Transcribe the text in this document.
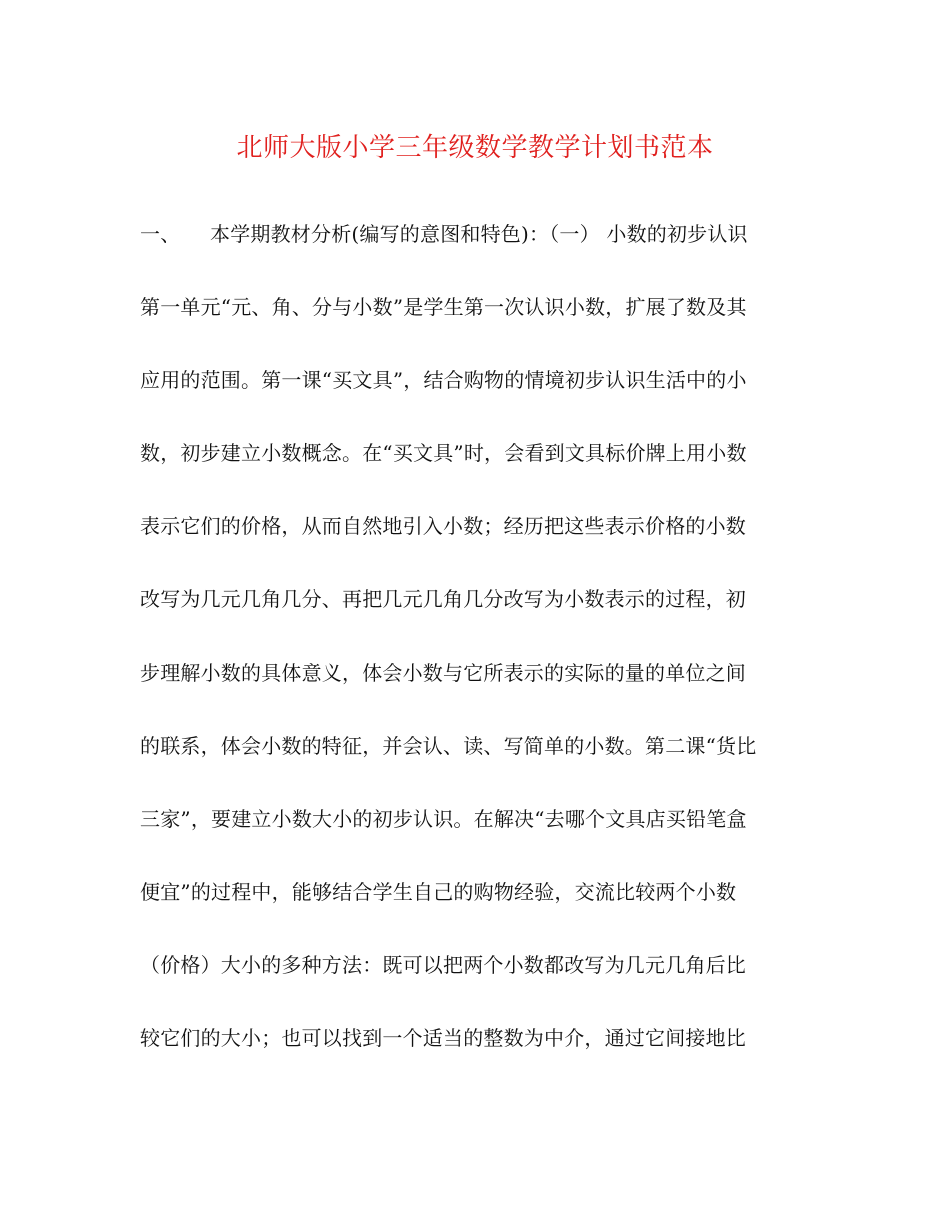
北师大版小学三年级数学教学计划书范本
一、 本学期教材分析(编写的意图和特色)：（一） 小数的初步认识
第一单元“元、角、分与小数”是学生第一次认识小数，扩展了数及其
应用的范围。第一课“买文具”，结合购物的情境初步认识生活中的小
数，初步建立小数概念。在“买文具”时，会看到文具标价牌上用小数
表示它们的价格，从而自然地引入小数；经历把这些表示价格的小数
改写为几元几角几分、再把几元几角几分改写为小数表示的过程，初
步理解小数的具体意义，体会小数与它所表示的实际的量的单位之间
的联系，体会小数的特征，并会认、读、写简单的小数。第二课“货比
三家”，要建立小数大小的初步认识。在解决“去哪个文具店买铅笔盒
便宜”的过程中，能够结合学生自己的购物经验，交流比较两个小数
（价格）大小的多种方法：既可以把两个小数都改写为几元几角后比
较它们的大小；也可以找到一个适当的整数为中介，通过它间接地比
